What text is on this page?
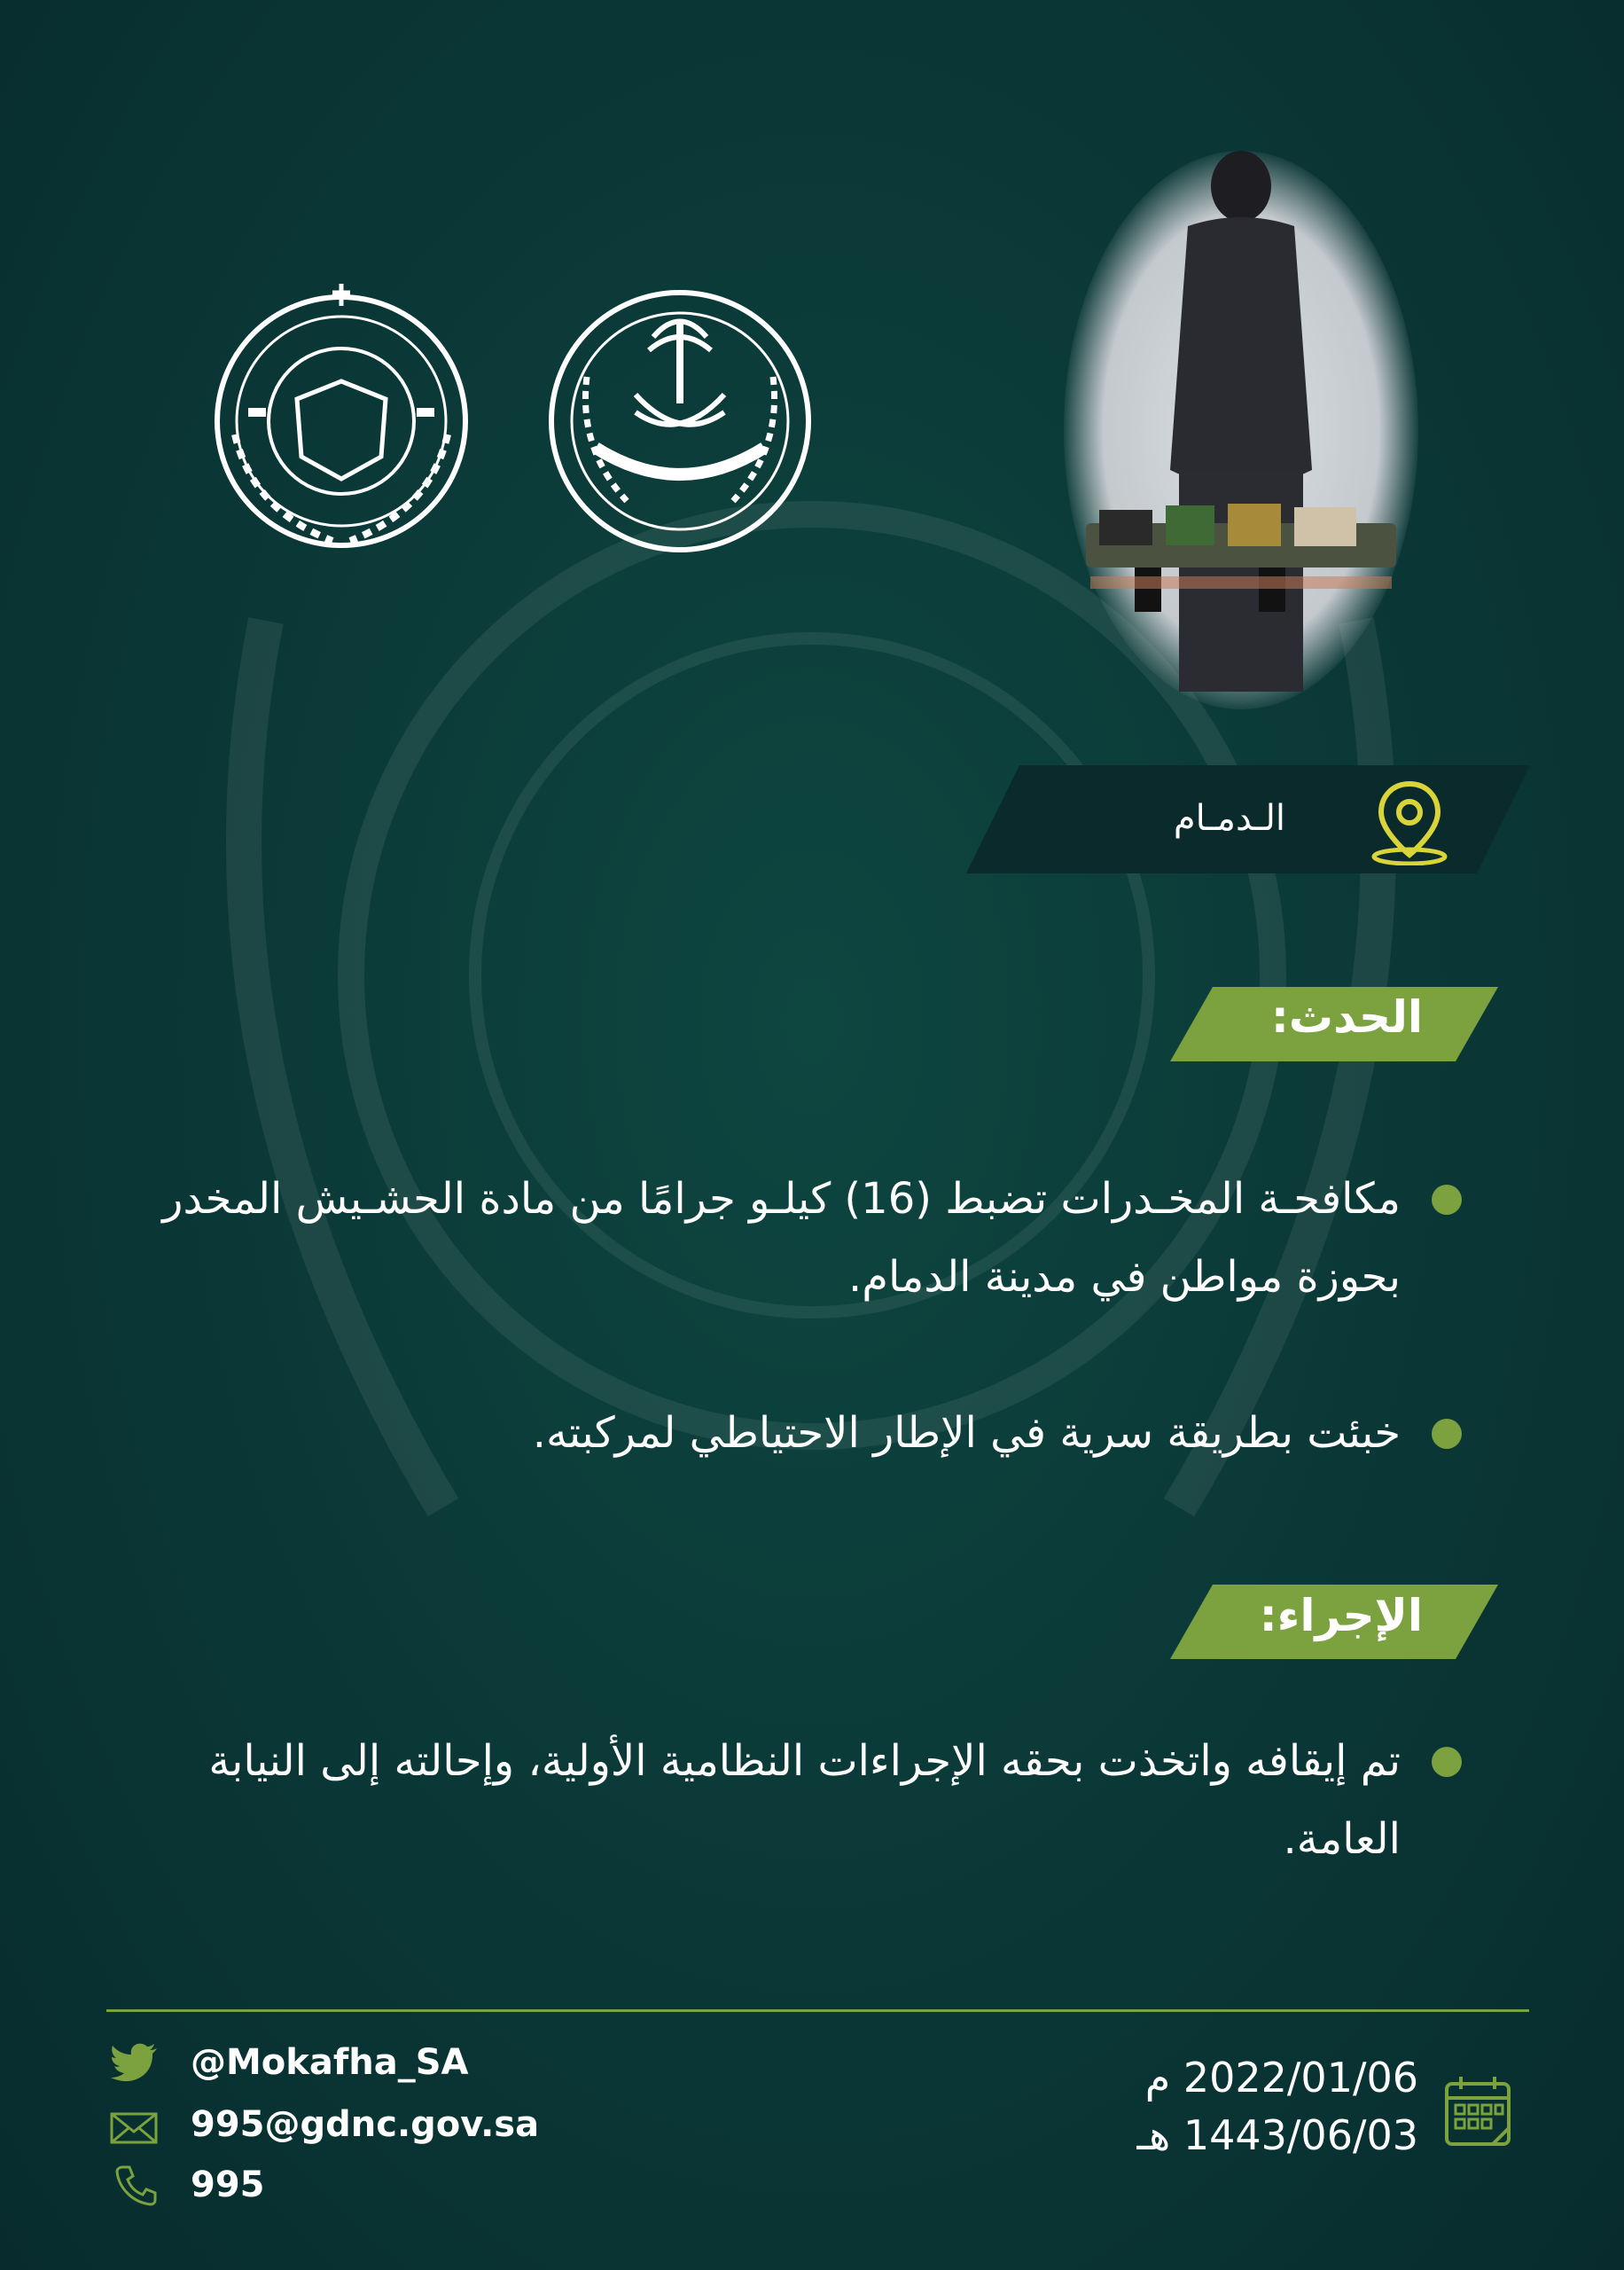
الـدمـام
الحدث:
مكافحـة المخـدرات تضبط (16) كيلـو جرامًا من مادة الحشـيش المخدر بحوزة مواطن في مدينة الدمام.
خبئت بطريقة سرية في الإطار الاحتياطي لمركبته.
الإجراء:
تم إيقافه واتخذت بحقه الإجراءات النظامية الأولية، وإحالته إلى النيابة العامة.
@Mokafha_SA
995@gdnc.gov.sa
995
2022/01/06 م
1443/06/03 هـ
